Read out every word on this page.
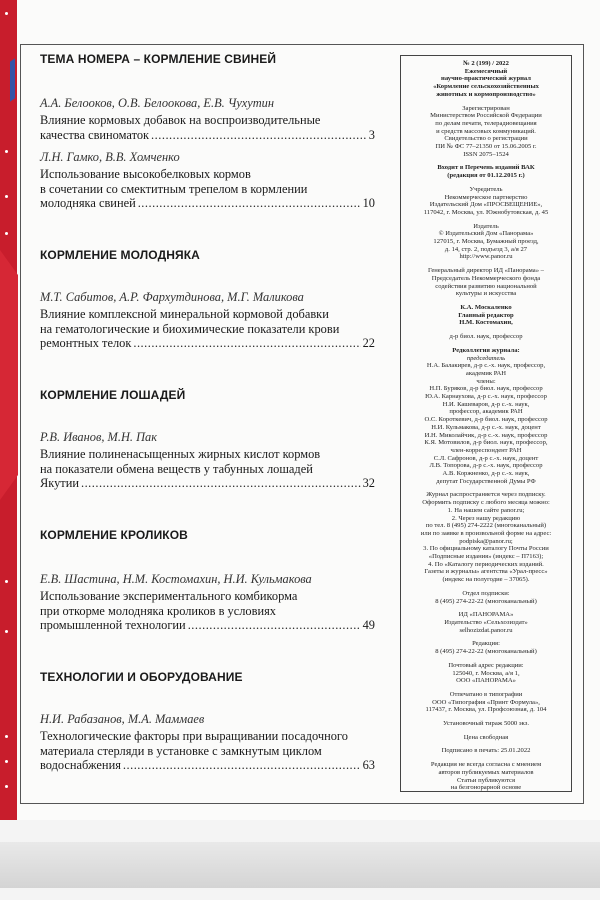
ТЕМА НОМЕРА – КОРМЛЕНИЕ СВИНЕЙ
А.А. Белооков, О.В. Белоокова, Е.В. Чухутин
Влияние кормовых добавок на воспроизводительные
качества свиноматок .....	3
Л.Н. Гамко, В.В. Хомченко
Использование высокобелковых кормов
в сочетании со смектитным трепелом в кормлении
молодняка свиней .....	10
КОРМЛЕНИЕ МОЛОДНЯКА
М.Т. Сабитов, А.Р. Фархутдинова, М.Г. Маликова
Влияние комплексной минеральной кормовой добавки
на гематологические и биохимические показатели крови
ремонтных телок .....	22
КОРМЛЕНИЕ ЛОШАДЕЙ
Р.В. Иванов, М.Н. Пак
Влияние полиненасыщенных жирных кислот кормов
на показатели обмена веществ у табунных лошадей
Якутии .....	32
КОРМЛЕНИЕ КРОЛИКОВ
Е.В. Шастина, Н.М. Костомахин, Н.И. Кульмакова
Использование экспериментального комбикорма
при откорме молодняка кроликов в условиях
промышленной технологии .....	49
ТЕХНОЛОГИИ И ОБОРУДОВАНИЕ
Н.И. Рабазанов, М.А. Маммаев
Технологические факторы при выращивании посадочного
материала стерляди в установке с замкнутым циклом
водоснабжения .....	63
№ 2 (199) / 2022
Ежемесячный
научно-практический журнал
«Кормление сельскохозяйственных
животных и кормопроизводство»
Зарегистрирован
Министерством Российской Федерации
по делам печати, телерадиовещания
и средств массовых коммуникаций.
Свидетельство о регистрации
ПИ № ФС 77–21350 от 15.06.2005 г.
ISSN 2075–1524
Входит в Перечень изданий ВАК
(редакция от 01.12.2015 г.)
Учредитель
Некоммерческое партнерство
Издательский Дом «ПРОСВЕЩЕНИЕ»,
117042, г. Москва, ул. Южнобутовская, д. 45
Издатель
© Издательский Дом «Панорама»
127015, г. Москва, Бумажный проезд,
д. 14, стр. 2, подъезд 3, а/я 27
http://www.panor.ru
Генеральный директор ИД «Панорама» –
Председатель Некоммерческого фонда
содействия развитию национальной
культуры и искусства
К.А. Москаленко
Главный редактор
Н.М. Костомахин,
д-р биол. наук, профессор
Редколлегия журнала:
председатель
Н.А. Балакирев, д-р с.-х. наук, профессор,
академик РАН
члены:
Н.П. Буряков, д-р биол. наук, профессор
Ю.А. Карнаухова, д-р с.-х. наук, профессор
Н.И. Кашеваров, д-р с.-х. наук,
профессор, академик РАН
О.С. Короткевич, д-р биол. наук, профессор
Н.И. Кульмакова, д-р с.-х. наук, доцент
И.Н. Миколайчик, д-р с.-х. наук, профессор
К.Я. Мотовилов, д-р биол. наук, профессор,
член-корреспондент РАН
С.Л. Сафронов, д-р с.-х. наук, доцент
Л.В. Топорова, д-р с.-х. наук, профессор
А.В. Коржненко, д-р с.-х. наук,
депутат Государственной Думы РФ
Журнал распространяется через подписку.
Оформить подписку с любого месяца можно:
1. На нашем сайте panor.ru;
2. Через нашу редакцию
по тел. 8 (495) 274-2222 (многоканальный)
или по заявке в произвольной форме на адрес:
podpiska@panor.ru;
3. По официальному каталогу Почты России
«Подписные издания» (индекс – П7163);
4. По «Каталогу периодических изданий.
Газеты и журналы» агентства «Урал-пресс»
(индекс на полугодие – 37065).
Отдел подписки:
8 (495) 274-22-22 (многоканальный)
ИД «ПАНОРАМА»
Издательство «Сельхозиздат»
selhozizdat.panor.ru
Редакция:
8 (495) 274-22-22 (многоканальный)
Почтовый адрес редакции:
125040, г. Москва, а/я 1,
ООО «ПАНОРАМА»
Отпечатано в типографии
ООО «Типография «Принт Формула»,
117437, г. Москва, ул. Профсоюзная, д. 104
Установочный тираж 5000 экз.
Цена свободная
Подписано в печать: 25.01.2022
Редакция не всегда согласна с мнением
авторов публикуемых материалов
Статьи публикуются
на безгонорарной основе
